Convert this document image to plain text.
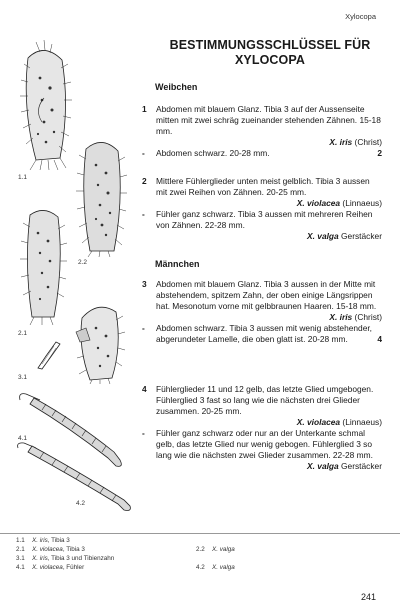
Xylocopa
BESTIMMUNGSSCHLÜSSEL FÜR
XYLOCOPA
Weibchen
1	Abdomen mit blauem Glanz. Tibia 3 auf der Aussenseite mitten mit zwei schräg zueinander stehenden Zähnen. 15-18 mm.
X. iris (Christ)
-	Abdomen schwarz. 20-28 mm.	2
2	Mittlere Fühlerglieder unten meist gelblich. Tibia 3 aussen mit zwei Reihen von Zähnen. 20-25 mm.
X. violacea (Linnaeus)
-	Fühler ganz schwarz. Tibia 3 aussen mit mehreren Reihen von Zähnen. 22-28 mm.
X. valga Gerstäcker
Männchen
3	Abdomen mit blauem Glanz. Tibia 3 aussen in der Mitte mit abstehendem, spitzem Zahn, der oben einige Längsrippen hat. Mesonotum vorne mit gelbbraunen Haaren. 15-18 mm.
X. iris (Christ)
-	Abdomen schwarz. Tibia 3 aussen mit wenig abstehender, abgerundeter Lamelle, die oben glatt ist. 20-28 mm.	4
4	Fühlerglieder 11 und 12 gelb, das letzte Glied umgebogen. Fühlerglied 3 fast so lang wie die nächsten drei Glieder zusammen. 20-25 mm.
X. violacea (Linnaeus)
-	Fühler ganz schwarz oder nur an der Unterkante schmal gelb, das letzte Glied nur wenig gebogen. Fühlerglied 3 so lang wie die nächsten zwei Glieder zusammen. 22-28 mm.
X. valga Gerstäcker
1.1
2.2
2.1
3.1
4.1
4.2
1.1 X. iris, Tibia 3
2.1 X. violacea, Tibia 3
3.1 X. iris, Tibia 3 und Tibienzahn
4.1 X. violacea, Fühler
2.2 X. valga
4.2 X. valga
241
